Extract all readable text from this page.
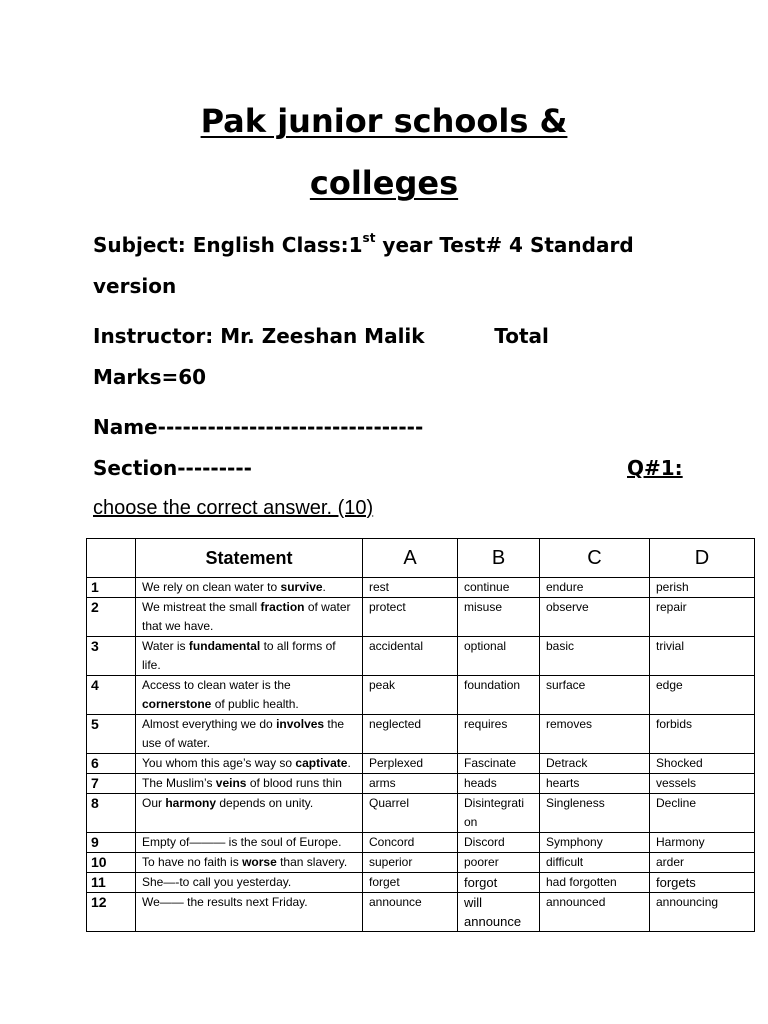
Pak junior schools &
colleges
Subject: English Class:1st year Test# 4 Standard
version
Instructor: Mr. Zeeshan Malik          Total
Marks=60
Name--------------------------------
Section---------	Q#1:
choose the correct answer. (10)
	Statement	A	B	C	D
1	We rely on clean water to survive.	rest	continue	endure	perish
2	We mistreat the small fraction of water that we have.	protect	misuse	observe	repair
3	Water is fundamental to all forms of life.	accidental	optional	basic	trivial
4	Access to clean water is the cornerstone of public health.	peak	foundation	surface	edge
5	Almost everything we do involves the use of water.	neglected	requires	removes	forbids
6	You whom this age’s way so captivate.	Perplexed	Fascinate	Detrack	Shocked
7	The Muslim’s veins of blood runs thin	arms	heads	hearts	vessels
8	Our harmony depends on unity.	Quarrel	Disintegrati on	Singleness	Decline
9	Empty of——— is the soul of Europe.	Concord	Discord	Symphony	Harmony
10	To have no faith is worse than slavery.	superior	poorer	difficult	arder
11	She—-to call you yesterday.	forget	forgot	had forgotten	forgets
12	We—— the results next Friday.	announce	will announce	announced	announcing
